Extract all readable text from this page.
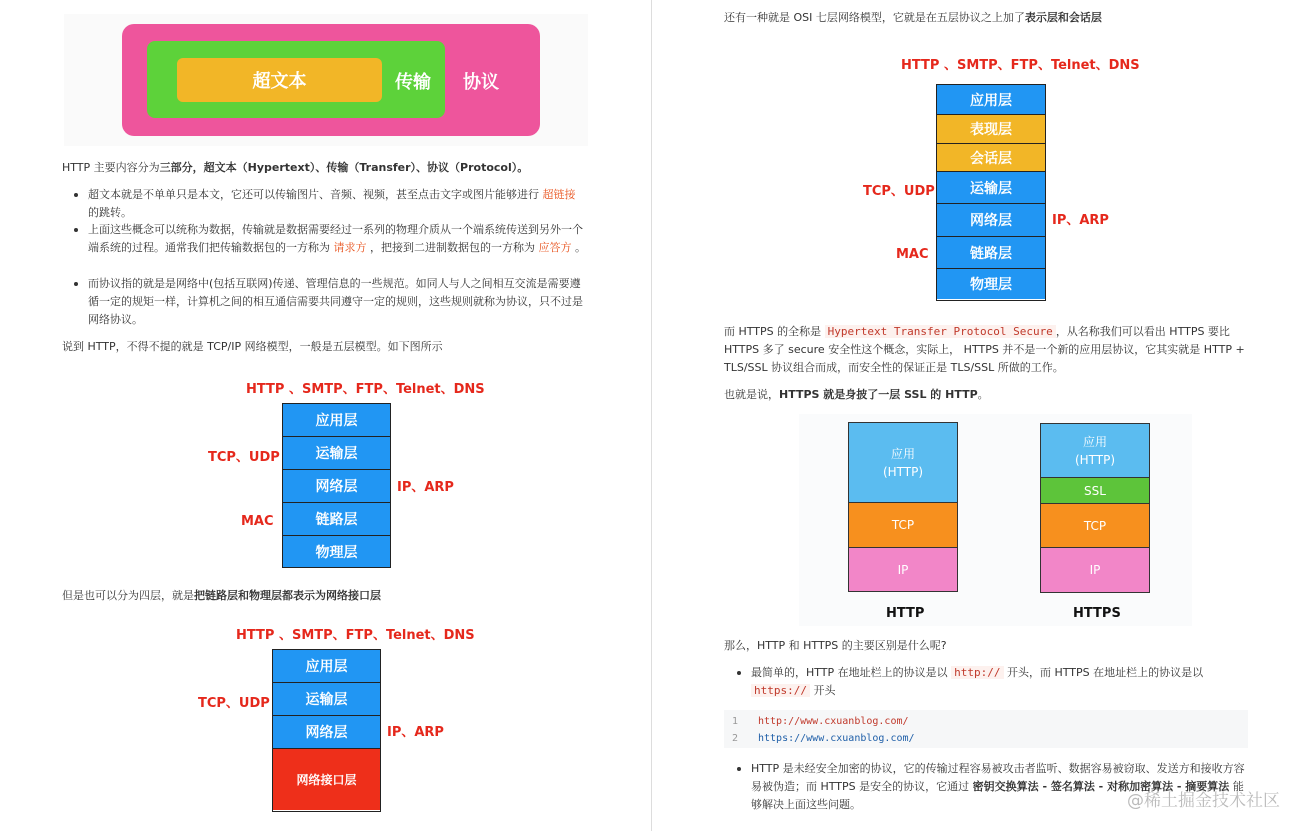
超文本	传输 协议
HTTP 主要内容分为三部分，超文本（Hypertext）、传输（Transfer）、协议（Protocol）。
超文本就是不单单只是本文，它还可以传输图片、音频、视频，甚至点击文字或图片能够进行 超链接 的跳转。
上面这些概念可以统称为数据，传输就是数据需要经过一系列的物理介质从一个端系统传送到另外一个端系统的过程。通常我们把传输数据包的一方称为 请求方 ，把接到二进制数据包的一方称为 应答方 。
而协议指的就是是网络中(包括互联网)传递、管理信息的一些规范。如同人与人之间相互交流是需要遵循一定的规矩一样，计算机之间的相互通信需要共同遵守一定的规则，这些规则就称为协议，只不过是网络协议。
说到 HTTP，不得不提的就是 TCP/IP 网络模型，一般是五层模型。如下图所示
HTTP 、SMTP、FTP、Telnet、DNS
应用层
运输层
网络层
链路层
物理层
TCP、UDP
MAC
IP、ARP
但是也可以分为四层，就是把链路层和物理层都表示为网络接口层
HTTP 、SMTP、FTP、Telnet、DNS
应用层
运输层
网络层
网络接口层
TCP、UDP
IP、ARP
还有一种就是 OSI 七层网络模型，它就是在五层协议之上加了表示层和会话层
HTTP 、SMTP、FTP、Telnet、DNS
应用层
表现层
会话层
运输层
网络层
链路层
物理层
TCP、UDP
MAC
IP、ARP
而 HTTPS 的全称是 Hypertext Transfer Protocol Secure ，从名称我们可以看出 HTTPS 要比 HTTPS 多了 secure 安全性这个概念，实际上， HTTPS 并不是一个新的应用层协议，它其实就是 HTTP + TLS/SSL 协议组合而成，而安全性的保证正是 TLS/SSL 所做的工作。
也就是说，HTTPS 就是身披了一层 SSL 的 HTTP。
应用
(HTTP)
TCP
IP
HTTP
应用
(HTTP)
SSL
TCP
IP
HTTPS
那么，HTTP 和 HTTPS 的主要区别是什么呢?
最简单的，HTTP 在地址栏上的协议是以 http:// 开头，而 HTTPS 在地址栏上的协议是以 https:// 开头
1 http://www.cxuanblog.com/
2 https://www.cxuanblog.com/
HTTP 是未经安全加密的协议，它的传输过程容易被攻击者监听、数据容易被窃取、发送方和接收方容易被伪造；而 HTTPS 是安全的协议，它通过 密钥交换算法 - 签名算法 - 对称加密算法 - 摘要算法 能够解决上面这些问题。	@稀土掘金技术社区
